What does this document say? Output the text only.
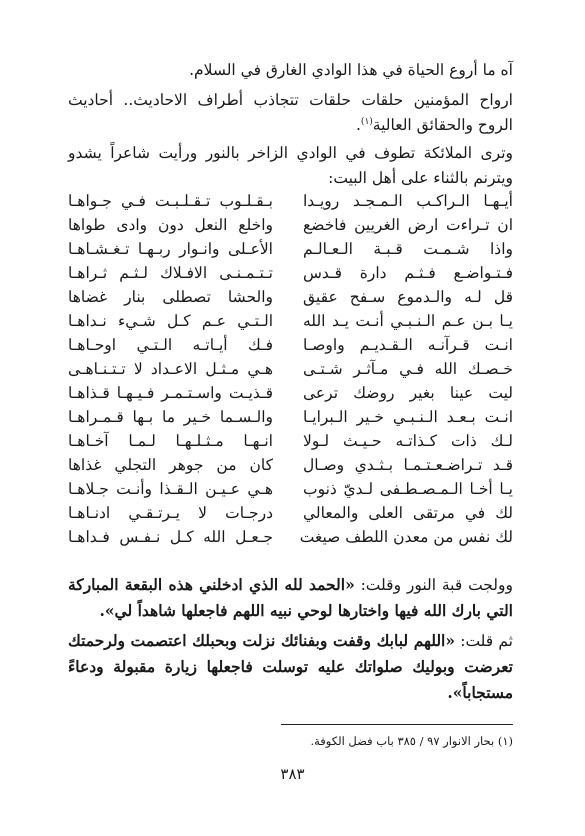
آه ما أروع الحياة في هذا الوادي الغارق في السلام.

ارواح المؤمنين حلقات حلقات تتجاذب أطراف الاحاديث.. أحاديث الروح والحقائق العالية$^{(١)}$.

وترى الملائكة تطوف في الوادي الزاخر بالنور ورأيت شاعراً يشدو ويترنم بالثناء على أهل البيت:

أيـهـا الـراكـب الـمـجـد رويـدا
بـقـلـوب تـقـلـبـت فـي جـواهـا
ان تـراءت ارض الغريين فاخضع
واخلع النعل دون وادى طواها
واذا شـمـت قـبـة الـعـالـم
الأعـلى وانـوار ربـهـا تـغـشـاهـا
فـتـواضـع فـثـم دارة قـدس
تـتـمـنـى الافـلاك لـثـم ثـراهـا
قل لـه والـدموع سـفح عقيق
والحشا تصطلى بنار غضاها
يـا بـن عـم الـنـبـي أنـت يـد الله
الـتـي عـم كـل شـيء نـداهـا
انـت قـرآنـه الـقـديـم واوصـا
فـك أيـاتـه الـتـي اوحـاهـا
خـصـك الله فـي مـآثـر شـتـى
هـي مـثـل الاعـداد لا تـتـنـاهـى
ليت عينا بغير روضك ترعى
قـذيـت واسـتـمـر فـيـهـا قـذاهـا
انـت بـعـد الـنـبـي خـير الـبرايـا
والـسـما خـير ما بـها قـمـراهـا
لـك ذات كـذاتـه حـيـث لـولا
انـهـا مـثـلـهـا لـمـا آخـاهـا
قـد تـراضـعـتـمـا بـثـدي وصـال
كان من جوهر التجلي غذاها
يـا أخـا الـمـصـطـفى لـديّ ذنوب
هـي عـيـن الـقـذا وأنـت جـلاهـا
لك في مرتقى العلى والمعالي
درجـات لا يـرتـقـي ادنـاهـا
لك نفس من معدن اللطف صيغت
جـعـل الله كـل نـفـس فـداهـا

وولجت قبة النور وقلت: «الحمد لله الذي ادخلني هذه البقعة المباركة التي بارك الله فيها واختارها لوحي نبيه اللهم فاجعلها شاهداً لي».

ثم قلت: «اللهم لبابك وقفت وبفنائك نزلت وبحبلك اعتصمت ولرحمتك تعرضت وبوليك صلواتك عليه توسلت فاجعلها زيارة مقبولة ودعاءً مستجاباً».

(١) بحار الانوار ٩٧ / ٣٨٥ باب فضل الكوفة.
٣٨٣
